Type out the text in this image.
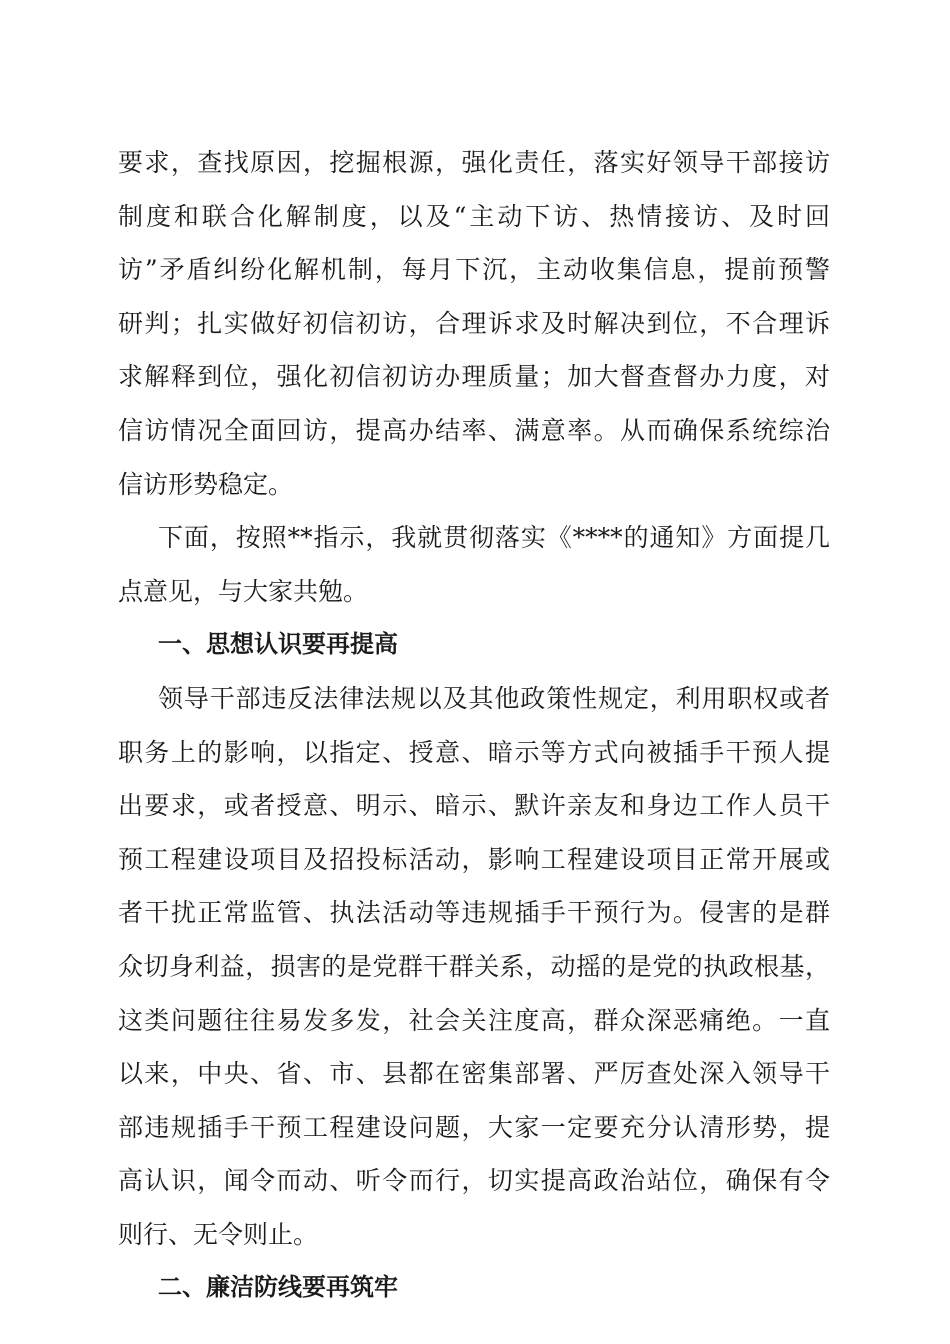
要求，查找原因，挖掘根源，强化责任，落实好领导干部接访
制度和联合化解制度，以及“主动下访、热情接访、及时回
访”矛盾纠纷化解机制，每月下沉，主动收集信息，提前预警
研判；扎实做好初信初访，合理诉求及时解决到位，不合理诉
求解释到位，强化初信初访办理质量；加大督查督办力度，对
信访情况全面回访，提高办结率、满意率。从而确保系统综治
信访形势稳定。
下面，按照**指示，我就贯彻落实《****的通知》方面提几
点意见，与大家共勉。
一、思想认识要再提高
领导干部违反法律法规以及其他政策性规定，利用职权或者
职务上的影响，以指定、授意、暗示等方式向被插手干预人提
出要求，或者授意、明示、暗示、默许亲友和身边工作人员干
预工程建设项目及招投标活动，影响工程建设项目正常开展或
者干扰正常监管、执法活动等违规插手干预行为。侵害的是群
众切身利益，损害的是党群干群关系，动摇的是党的执政根基，
这类问题往往易发多发，社会关注度高，群众深恶痛绝。一直
以来，中央、省、市、县都在密集部署、严厉查处深入领导干
部违规插手干预工程建设问题，大家一定要充分认清形势，提
高认识，闻令而动、听令而行，切实提高政治站位，确保有令
则行、无令则止。
二、廉洁防线要再筑牢
